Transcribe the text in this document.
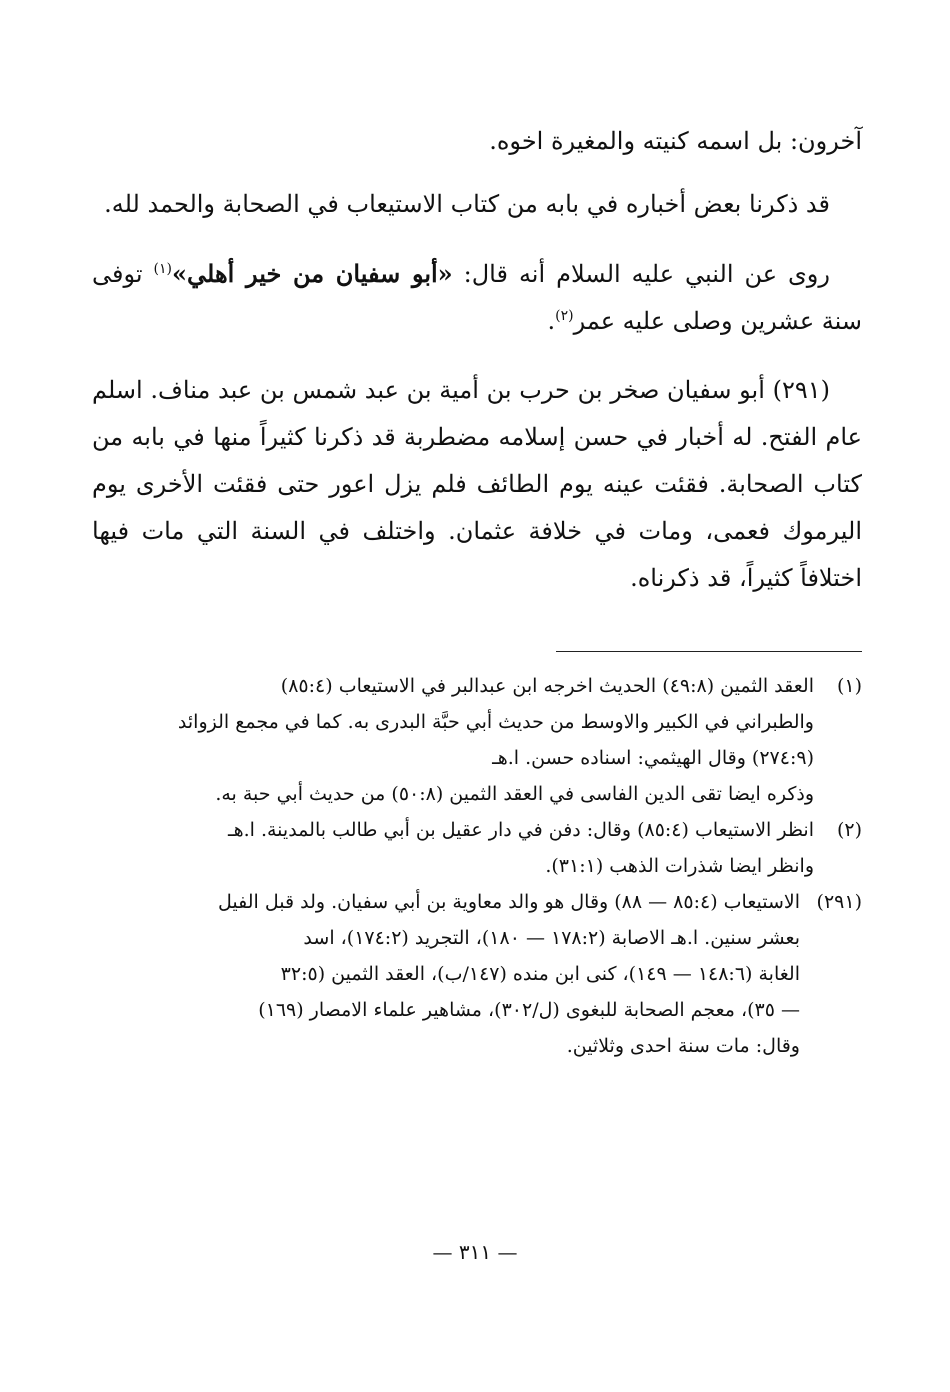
آخرون: بل اسمه كنيته والمغيرة اخوه.

قد ذكرنا بعض أخباره في بابه من كتاب الاستيعاب في الصحابة والحمد لله.

روى عن النبي عليه السلام أنه قال: «أبو سفيان من خير أهلي»$^{(١)}$ توفى سنة عشرين وصلى عليه عمر$^{(٢)}$.

(٢٩١) أبو سفيان صخر بن حرب بن أمية بن عبد شمس بن عبد مناف. اسلم عام الفتح. له أخبار في حسن إسلامه مضطربة قد ذكرنا كثيراً منها في بابه من كتاب الصحابة. فقئت عينه يوم الطائف فلم يزل اعور حتى فقئت الأخرى يوم اليرموك فعمى، ومات في خلافة عثمان. واختلف في السنة التي مات فيها اختلافاً كثيراً، قد ذكرناه.

(١)
العقد الثمين (٤٩:٨) الحديث اخرجه ابن عبدالبر في الاستيعاب (٨٥:٤)
والطبراني في الكبير والاوسط من حديث أبي حبَّة البدرى به. كما في مجمع الزوائد
(٢٧٤:٩) وقال الهيثمي: اسناده حسن. ا.هـ
وذكره ايضا تقى الدين الفاسى في العقد الثمين (٥٠:٨) من حديث أبي حبة به.
(٢)
انظر الاستيعاب (٨٥:٤) وقال: دفن في دار عقيل بن أبي طالب بالمدينة. ا.هـ
وانظر ايضا شذرات الذهب (٣١:١).
(٢٩١)
الاستيعاب (٨٥:٤ — ٨٨) وقال هو والد معاوية بن أبي سفيان. ولد قبل الفيل
بعشر سنين. ا.هـ الاصابة (١٧٨:٢ — ١٨٠)، التجريد (١٧٤:٢)، اسد
الغابة (١٤٨:٦ — ١٤٩)، كنى ابن منده (١٤٧/ب)، العقد الثمين (٣٢:٥
— ٣٥)، معجم الصحابة للبغوى (ل/٣٠٢)، مشاهير علماء الامصار (١٦٩)
وقال: مات سنة احدى وثلاثين.
— ٣١١ —
